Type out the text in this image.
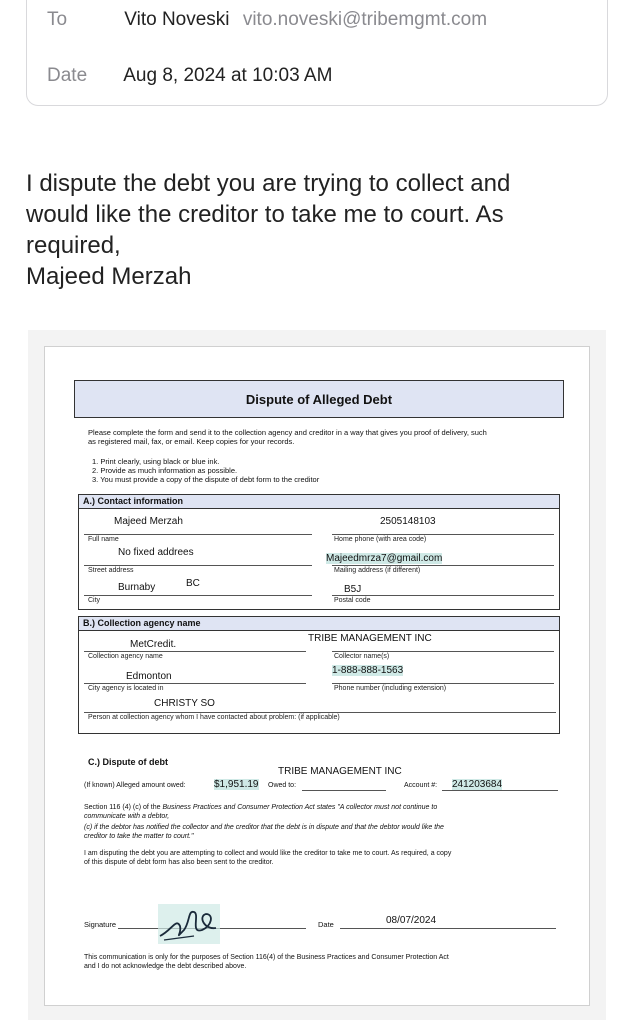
To	Vito Noveski vito.noveski@tribemgmt.com
Date Aug 8, 2024 at 10:03 AM
I dispute the debt you are trying to collect and
would like the creditor to take me to court. As
required,
Majeed Merzah
Dispute of Alleged Debt
Please complete the form and send it to the collection agency and creditor in a way that gives you proof of delivery, such
as registered mail, fax, or email. Keep copies for your records.
1. Print clearly, using black or blue ink.
2. Provide as much information as possible.
3. You must provide a copy of the dispute of debt form to the creditor
A.) Contact information
Majeed Merzah
Full name
2505148103
Home phone (with area code)
No fixed addrees
Street address
Majeedmrza7@gmail.com
Mailing address (if different)
Burnaby	BC
City
B5J
Postal code
B.) Collection agency name
MetCredit.
Collection agency name
TRIBE MANAGEMENT INC
Collector name(s)
Edmonton
City agency is located in
1-888-888-1563
Phone number (including extension)
CHRISTY SO
Person at collection agency whom I have contacted about problem: (if applicable)
C.) Dispute of debt
(If known) Alleged amount owed:	$1,951.19 Owed to:
TRIBE MANAGEMENT INC
Account #: 241203684
Section 116 (4) (c) of the Business Practices and Consumer Protection Act states "A collector must not continue to
communicate with a debtor,
(c) if the debtor has notified the collector and the creditor that the debt is in dispute and that the debtor would like the
creditor to take the matter to court."
I am disputing the debt you are attempting to collect and would like the creditor to take me to court. As required, a copy
of this dispute of debt form has also been sent to the creditor.
Signature	Date	08/07/2024
This communication is only for the purposes of Section 116(4) of the Business Practices and Consumer Protection Act
and I do not acknowledge the debt described above.
